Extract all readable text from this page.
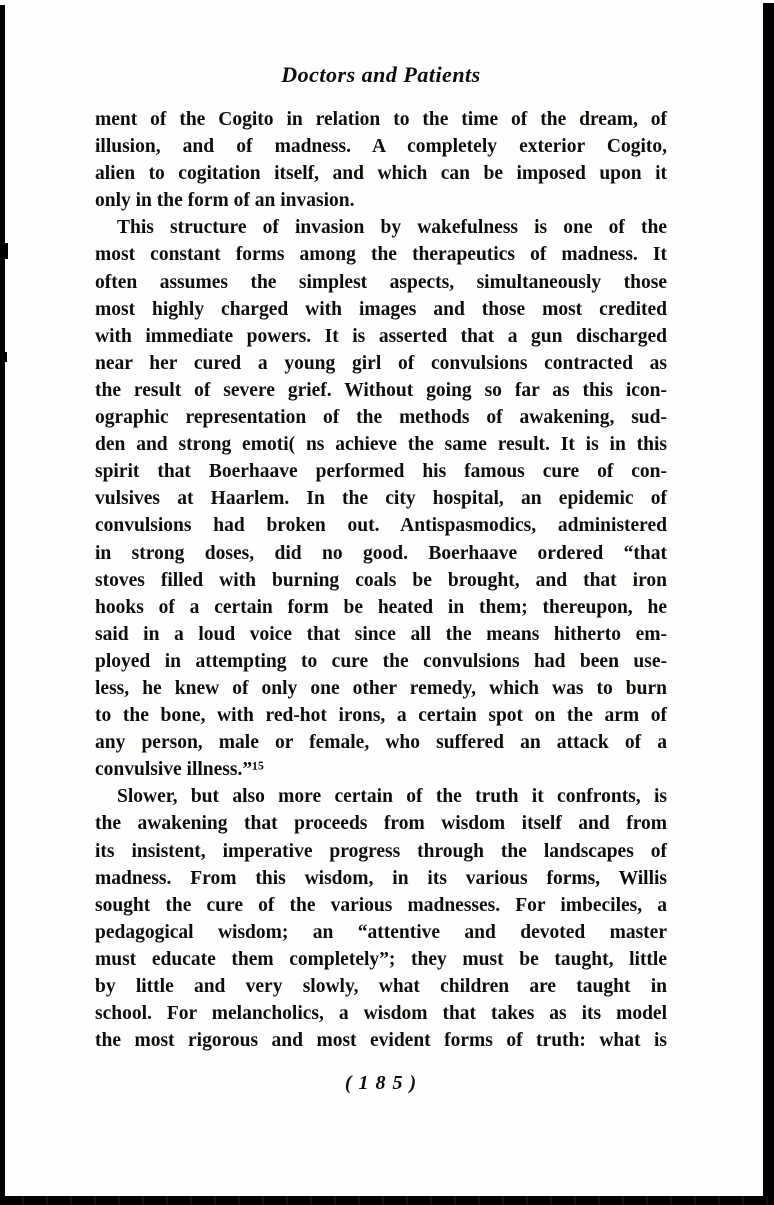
Doctors and Patients
ment of the Cogito in relation to the time of the dream, of
illusion, and of madness. A completely exterior Cogito,
alien to cogitation itself, and which can be imposed upon it
only in the form of an invasion.
This structure of invasion by wakefulness is one of the
most constant forms among the therapeutics of madness. It
often assumes the simplest aspects, simultaneously those
most highly charged with images and those most credited
with immediate powers. It is asserted that a gun discharged
near her cured a young girl of convulsions contracted as
the result of severe grief. Without going so far as this icon-
ographic representation of the methods of awakening, sud-
den and strong emoti( ns achieve the same result. It is in this
spirit that Boerhaave performed his famous cure of con-
vulsives at Haarlem. In the city hospital, an epidemic of
convulsions had broken out. Antispasmodics, administered
in strong doses, did no good. Boerhaave ordered “that
stoves filled with burning coals be brought, and that iron
hooks of a certain form be heated in them; thereupon, he
said in a loud voice that since all the means hitherto em-
ployed in attempting to cure the convulsions had been use-
less, he knew of only one other remedy, which was to burn
to the bone, with red-hot irons, a certain spot on the arm of
any person, male or female, who suffered an attack of a
convulsive illness.”¹⁵
Slower, but also more certain of the truth it confronts, is
the awakening that proceeds from wisdom itself and from
its insistent, imperative progress through the landscapes of
madness. From this wisdom, in its various forms, Willis
sought the cure of the various madnesses. For imbeciles, a
pedagogical wisdom; an “attentive and devoted master
must educate them completely”; they must be taught, little
by little and very slowly, what children are taught in
school. For melancholics, a wisdom that takes as its model
the most rigorous and most evident forms of truth: what is
( 1 8 5 )
